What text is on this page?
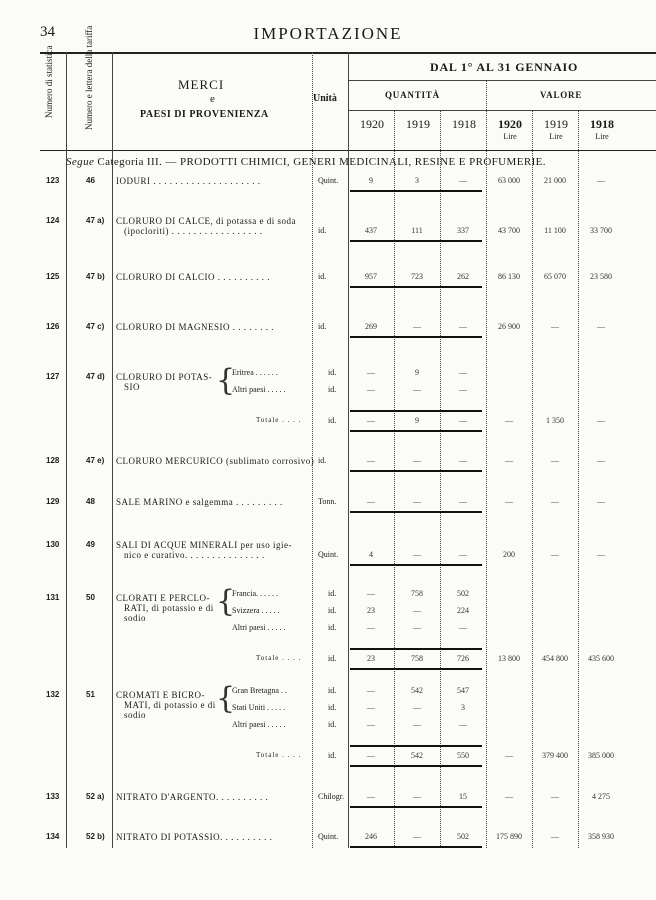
34	IMPORTAZIONE
Numero di statistica	Numero e lettera della tariffa	MERCI
e
PAESI DI PROVENIENZA
Unità
DAL 1° AL 31 GENNAIO
QUANTITÀ	VALORE
1920	1919	1918	1920	1919	1918
Lire	Lire	Lire
Segue Categoria III. — PRODOTTI CHIMICI, GENERI MEDICINALI, RESINE E PROFUMERIE.
123	46 IODURI . . . . . . . . . . . . . . . . . . . .	Quint.	9	3	—	63 000	21 000	—
124	47 a) CLORURO DI CALCE, di potassa e di soda
(ipocloriti) . . . . . . . . . . . . . . . . .	id.	437	111	337	43 700	11 100	33 700
125	47 b) CLORURO DI CALCIO . . . . . . . . . .	id.	957	723	262	86 130	65 070	23 580
126	47 c) CLORURO DI MAGNESIO . . . . . . . .	id.	269	—	—	26 900	—	—
127	47 d) CLORURO DI POTAS-
SIO	{
Eritrea . . . . . .	id.	—	9	—
Altri paesi . . . . .	id.	—	—	—
Totale . . . .	id.	—	9	—	—	1 350	—
128	47 e) CLORURO MERCURICO (sublimato corrosivo) id.	—	—	—	—	—	—
129	48 SALE MARINO e salgemma . . . . . . . . .	Tonn.	—	—	—	—	—	—
130	49 SALI DI ACQUE MINERALI per uso igie-
nico e curativo. . . . . . . . . . . . . . .	Quint.	4	—	—	200	—	—
131	50 CLORATI E PERCLO-
RATI, di potassio e di
sodio {
Francia. . . . . .	id.	—	758	502
Svizzera . . . . .	id.	23	—	224
Altri paesi . . . . .	id.	—	—	—
Totale . . . .	id.	23	758	726	13 800	454 800	435 600
132	51 CROMATI E BICRO-
MATI, di potassio e di
sodio {
Gran Bretagna . .	id.	—	542	547
Stati Uniti . . . . .	id.	—	—	3
Altri paesi . . . . .	id.	—	—	—
Totale . . . .	id.	—	542	550	—	379 400	385 000
133	52 a) NITRATO D'ARGENTO. . . . . . . . . .	Chilogr.	—	—	15	—	—	4 275
134	52 b) NITRATO DI POTASSIO. . . . . . . . . .	Quint.	246	—	502	175 890	—	358 930
